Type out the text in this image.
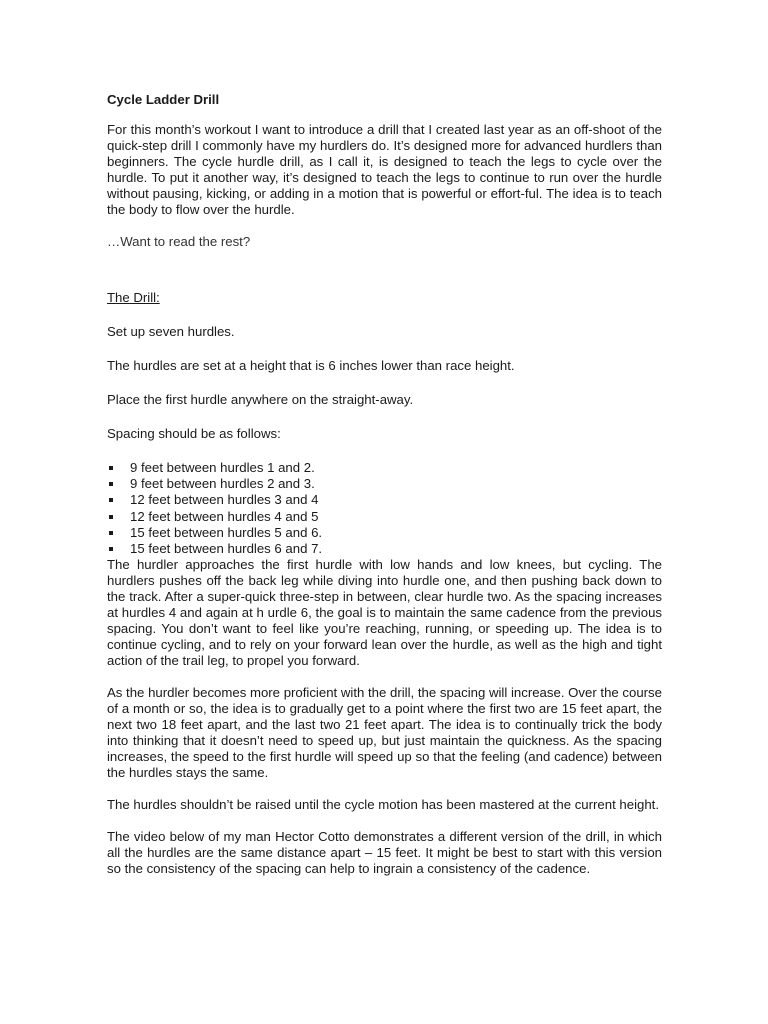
Cycle Ladder Drill
For this month’s workout I want to introduce a drill that I created last year as an off-shoot of the quick-step drill I commonly have my hurdlers do. It’s designed more for advanced hurdlers than beginners. The cycle hurdle drill, as I call it, is designed to teach the legs to cycle over the hurdle. To put it another way, it’s designed to teach the legs to continue to run over the hurdle without pausing, kicking, or adding in a motion that is powerful or effort-ful. The idea is to teach the body to flow over the hurdle.
…Want to read the rest?
The Drill:
Set up seven hurdles.
The hurdles are set at a height that is 6 inches lower than race height.
Place the first hurdle anywhere on the straight-away.
Spacing should be as follows:
9 feet between hurdles 1 and 2.
9 feet between hurdles 2 and 3.
12 feet between hurdles 3 and 4
12 feet between hurdles 4 and 5
15 feet between hurdles 5 and 6.
15 feet between hurdles 6 and 7.
The hurdler approaches the first hurdle with low hands and low knees, but cycling. The hurdlers pushes off the back leg while diving into hurdle one, and then pushing back down to the track. After a super-quick three-step in between, clear hurdle two. As the spacing increases at hurdles 4 and again at h urdle 6, the goal is to maintain the same cadence from the previous spacing. You don’t want to feel like you’re reaching, running, or speeding up. The idea is to continue cycling, and to rely on your forward lean over the hurdle, as well as the high and tight action of the trail leg, to propel you forward.
As the hurdler becomes more proficient with the drill, the spacing will increase. Over the course of a month or so, the idea is to gradually get to a point where the first two are 15 feet apart, the next two 18 feet apart, and the last two 21 feet apart. The idea is to continually trick the body into thinking that it doesn’t need to speed up, but just maintain the quickness. As the spacing increases, the speed to the first hurdle will speed up so that the feeling (and cadence) between the hurdles stays the same.
The hurdles shouldn’t be raised until the cycle motion has been mastered at the current height.
The video below of my man Hector Cotto demonstrates a different version of the drill, in which all the hurdles are the same distance apart – 15 feet. It might be best to start with this version so the consistency of the spacing can help to ingrain a consistency of the cadence.
